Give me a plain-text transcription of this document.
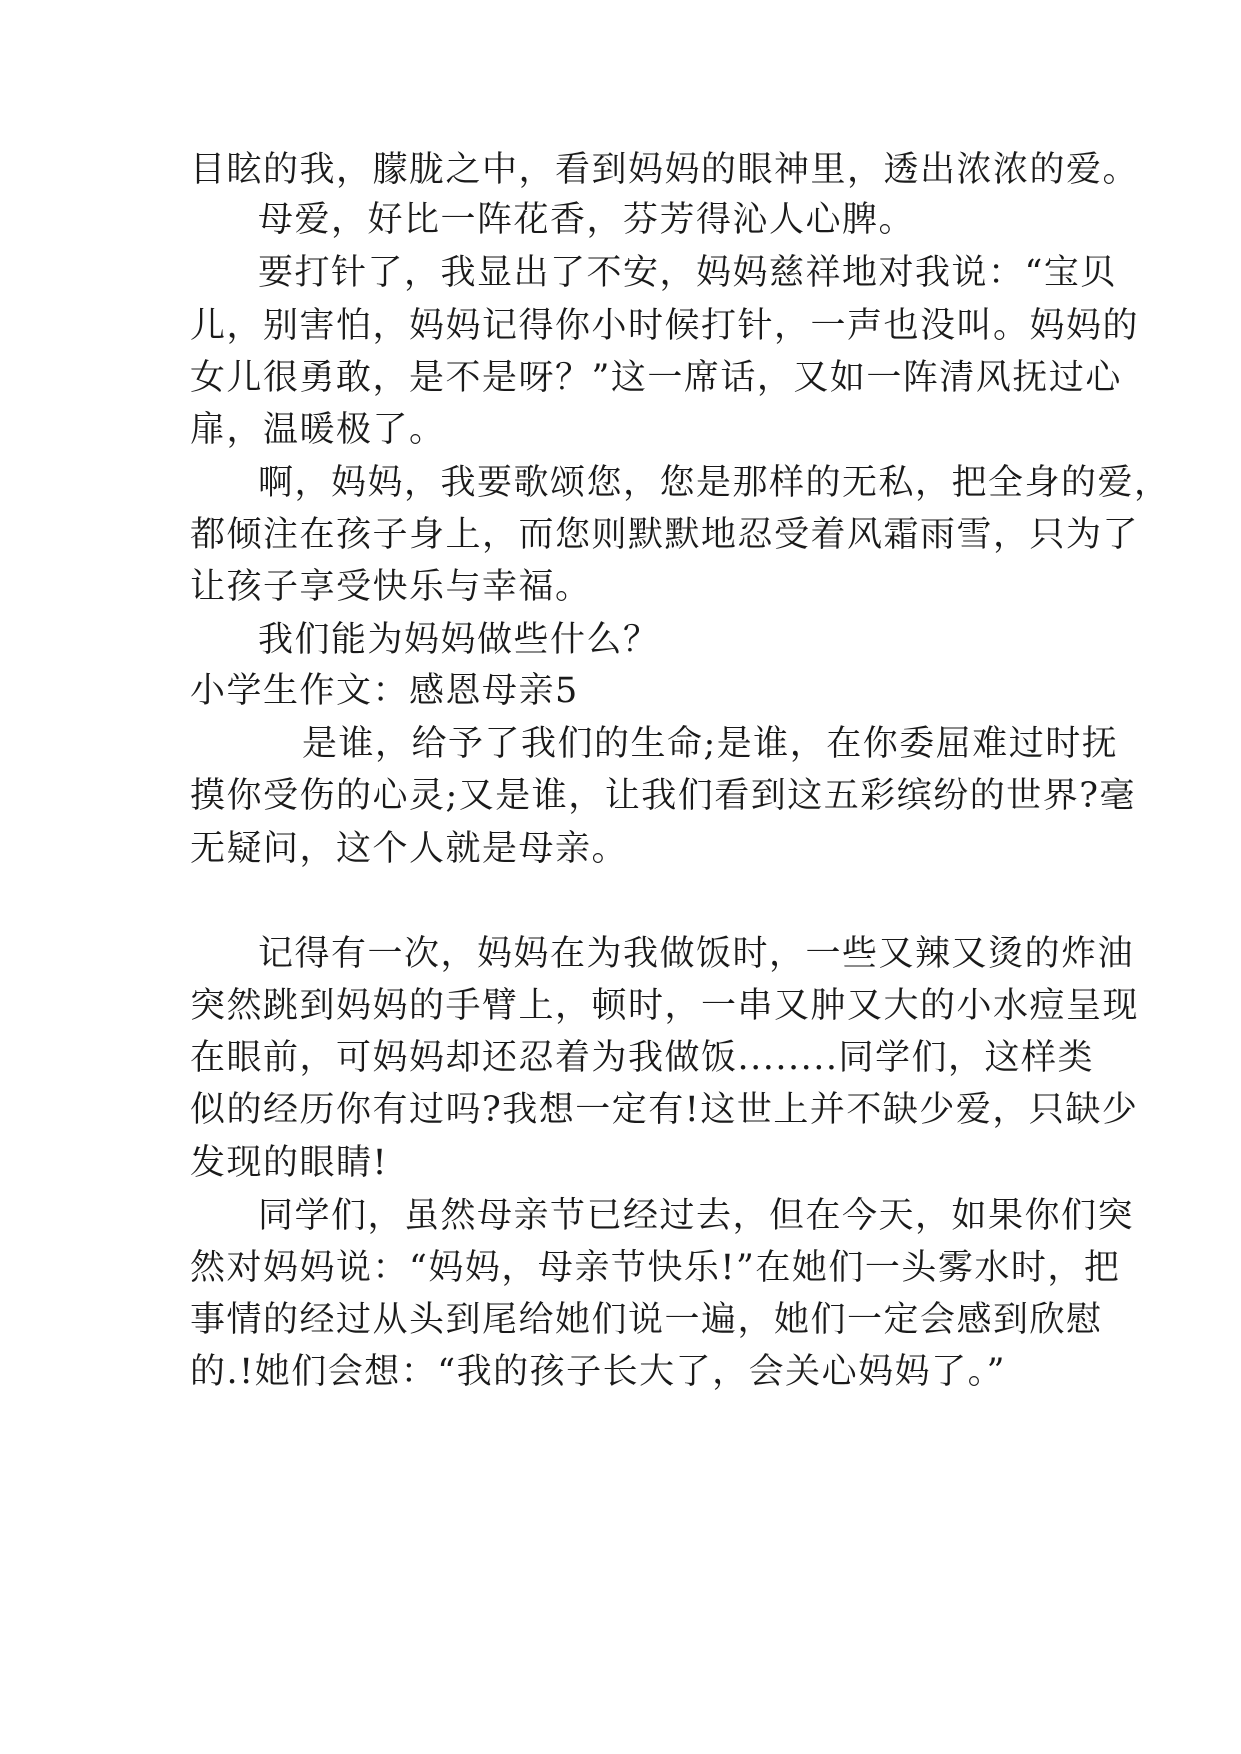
目眩的我，朦胧之中，看到妈妈的眼神里，透出浓浓的爱。
母爱，好比一阵花香，芬芳得沁人心脾。
要打针了，我显出了不安，妈妈慈祥地对我说：“宝贝
儿，别害怕，妈妈记得你小时候打针，一声也没叫。妈妈的
女儿很勇敢，是不是呀？”这一席话，又如一阵清风抚过心
扉，温暖极了。
啊，妈妈，我要歌颂您，您是那样的无私，把全身的爱，
都倾注在孩子身上，而您则默默地忍受着风霜雨雪，只为了
让孩子享受快乐与幸福。
我们能为妈妈做些什么？
小学生作文：感恩母亲5
是谁，给予了我们的生命;是谁，在你委屈难过时抚
摸你受伤的心灵;又是谁，让我们看到这五彩缤纷的世界?毫
无疑问，这个人就是母亲。
记得有一次，妈妈在为我做饭时，一些又辣又烫的炸油
突然跳到妈妈的手臂上，顿时，一串又肿又大的小水痘呈现
在眼前，可妈妈却还忍着为我做饭........同学们，这样类
似的经历你有过吗?我想一定有!这世上并不缺少爱，只缺少
发现的眼睛!
同学们，虽然母亲节已经过去，但在今天，如果你们突
然对妈妈说：“妈妈，母亲节快乐!”在她们一头雾水时，把
事情的经过从头到尾给她们说一遍，她们一定会感到欣慰
的.!她们会想：“我的孩子长大了，会关心妈妈了。”
